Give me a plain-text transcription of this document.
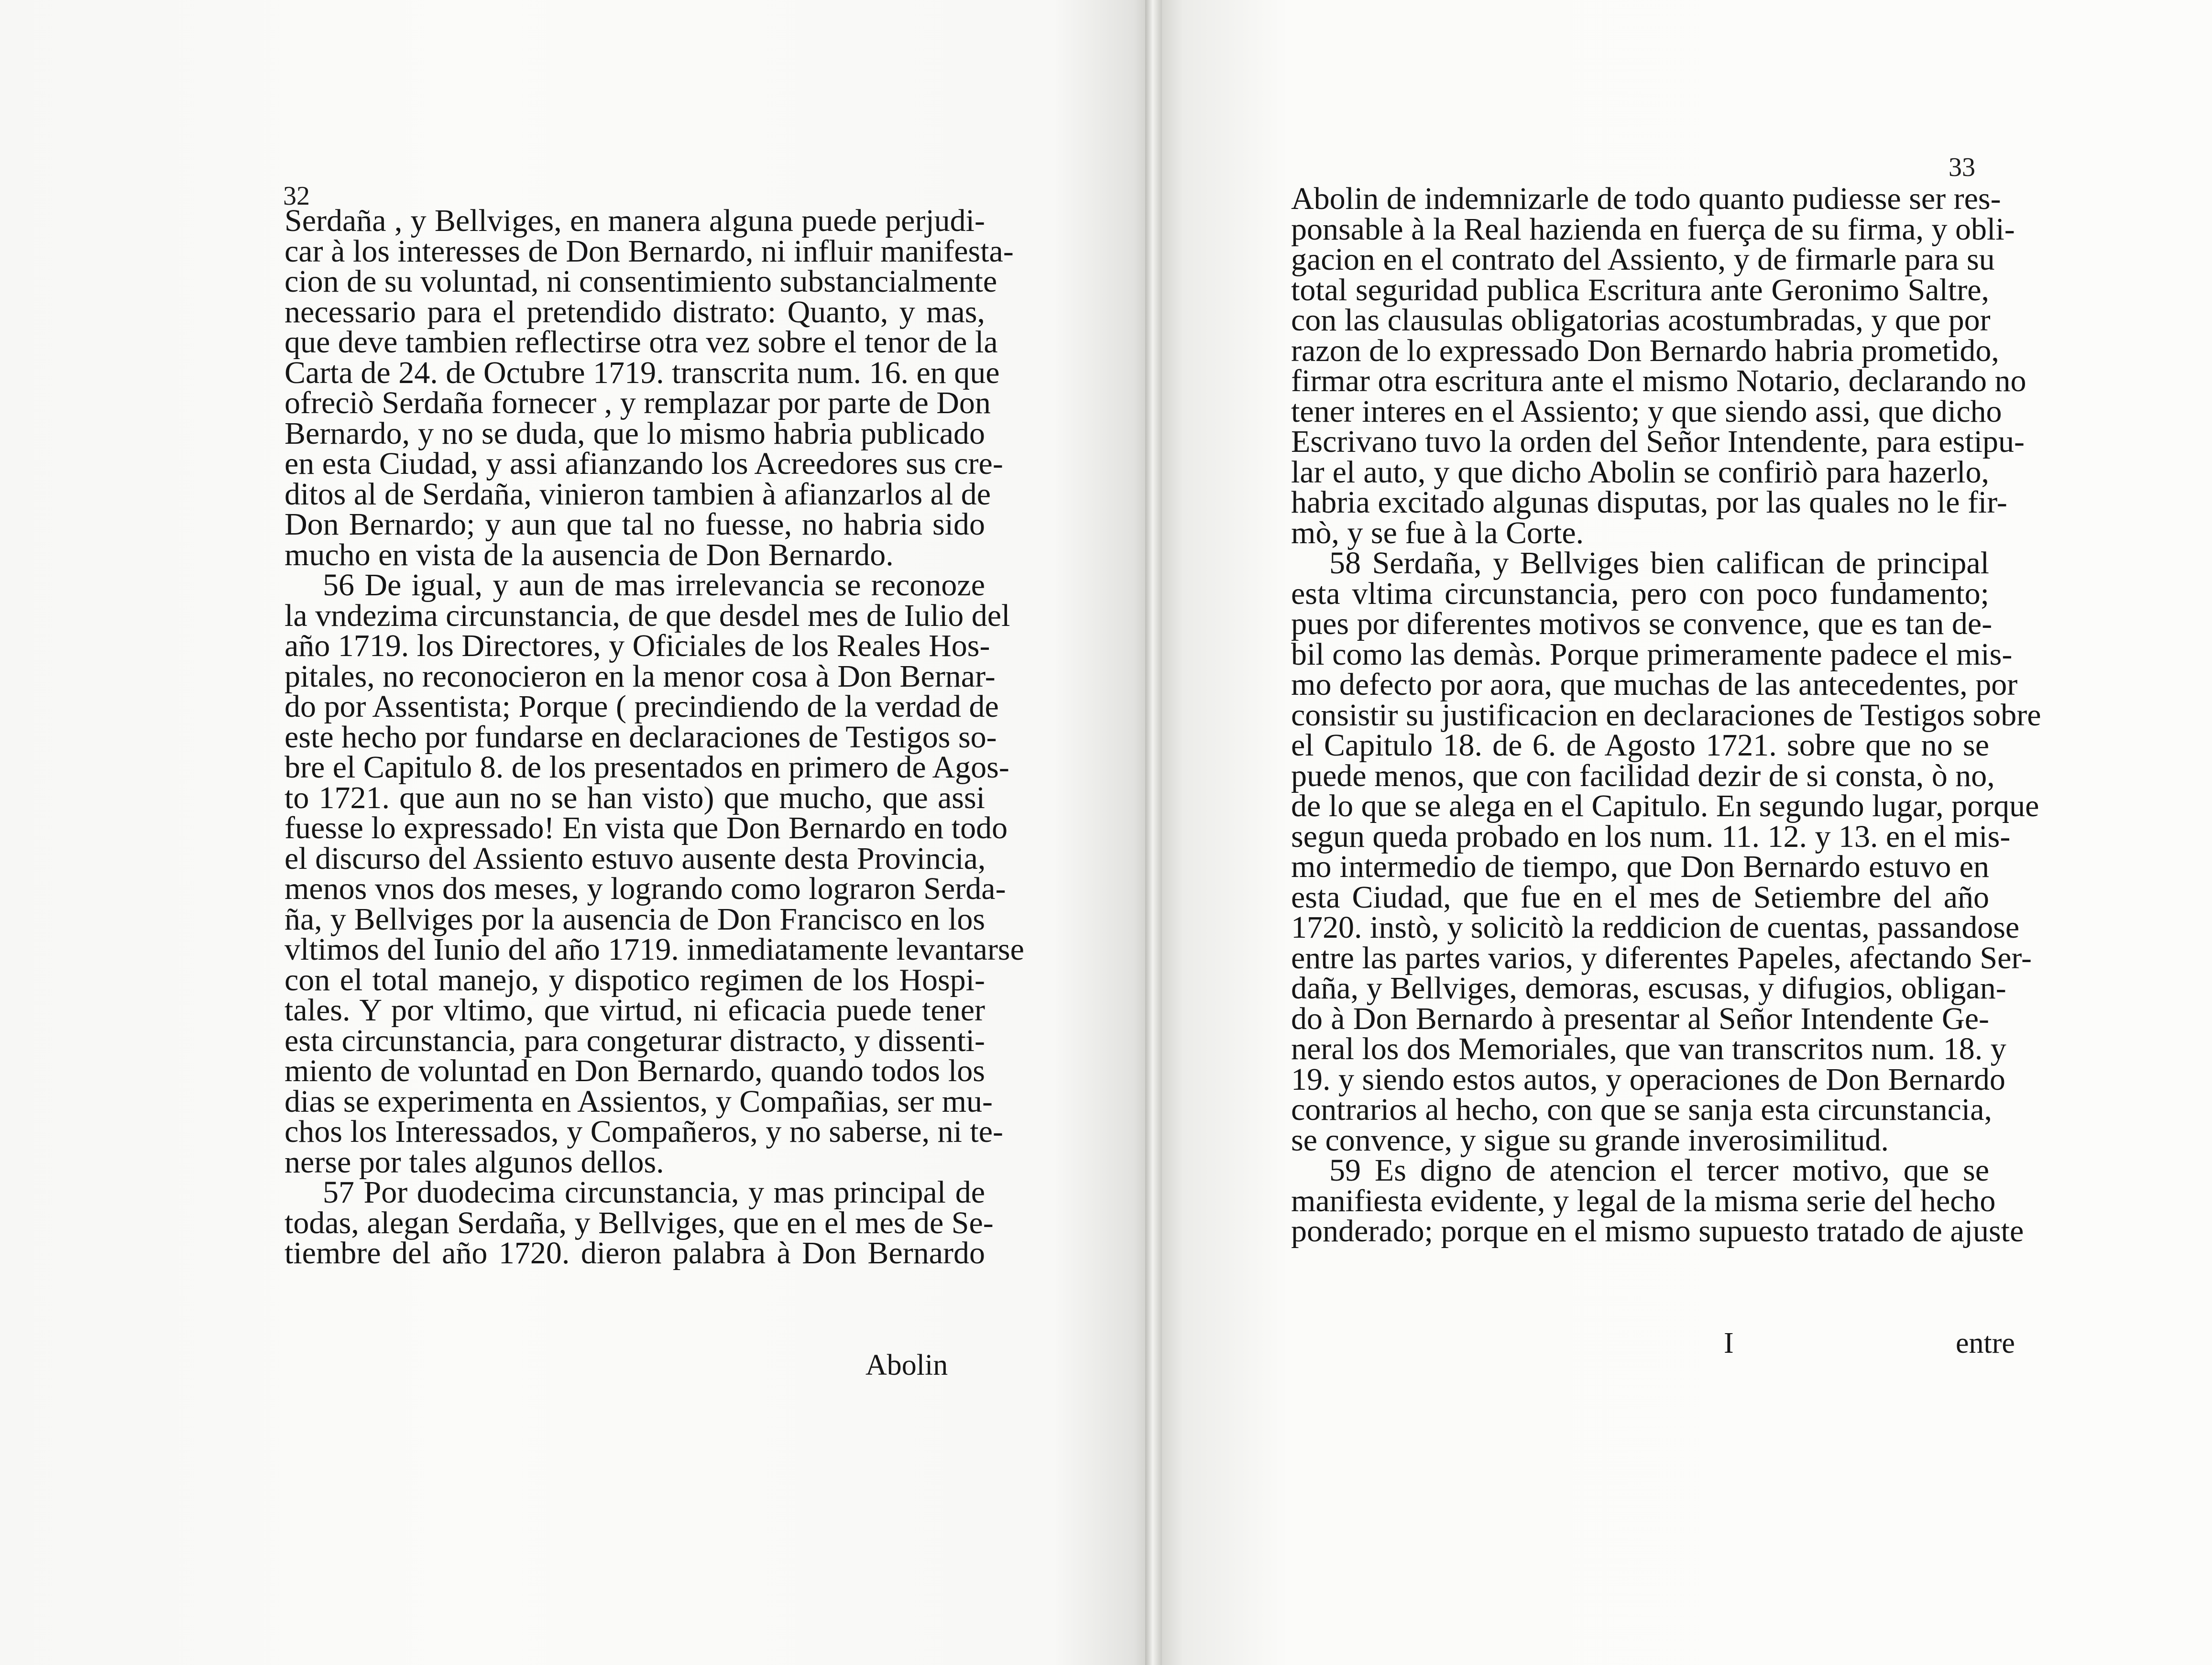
32
Serdaña , y Bellviges, en manera alguna puede perjudi-
car à los interesses de Don Bernardo, ni influir manifesta-
cion de su voluntad, ni consentimiento substancialmente
necessario para el pretendido distrato: Quanto, y mas,
que deve tambien reflectirse otra vez sobre el tenor de la
Carta de 24. de Octubre 1719. transcrita num. 16. en que
ofreciò Serdaña fornecer , y remplazar por parte de Don
Bernardo, y no se duda, que lo mismo habria publicado
en esta Ciudad, y assi afianzando los Acreedores sus cre-
ditos al de Serdaña, vinieron tambien à afianzarlos al de
Don Bernardo; y aun que tal no fuesse, no habria sido
mucho en vista de la ausencia de Don Bernardo.
56 De igual, y aun de mas irrelevancia se reconoze
la vndezima circunstancia, de que desdel mes de Iulio del
año 1719. los Directores, y Oficiales de los Reales Hos-
pitales, no reconocieron en la menor cosa à Don Bernar-
do por Assentista; Porque ( precindiendo de la verdad de
este hecho por fundarse en declaraciones de Testigos so-
bre el Capitulo 8. de los presentados en primero de Agos-
to 1721. que aun no se han visto) que mucho, que assi
fuesse lo expressado! En vista que Don Bernardo en todo
el discurso del Assiento estuvo ausente desta Provincia,
menos vnos dos meses, y logrando como lograron Serda-
ña, y Bellviges por la ausencia de Don Francisco en los
vltimos del Iunio del año 1719. inmediatamente levantarse
con el total manejo, y dispotico regimen de los Hospi-
tales. Y por vltimo, que virtud, ni eficacia puede tener
esta circunstancia, para congeturar distracto, y dissenti-
miento de voluntad en Don Bernardo, quando todos los
dias se experimenta en Assientos, y Compañias, ser mu-
chos los Interessados, y Compañeros, y no saberse, ni te-
nerse por tales algunos dellos.
57 Por duodecima circunstancia, y mas principal de
todas, alegan Serdaña, y Bellviges, que en el mes de Se-
tiembre del año 1720. dieron palabra à Don Bernardo
Abolin
33
I	entre
Abolin de indemnizarle de todo quanto pudiesse ser res-
ponsable à la Real hazienda en fuerça de su firma, y obli-
gacion en el contrato del Assiento, y de firmarle para su
total seguridad publica Escritura ante Geronimo Saltre,
con las clausulas obligatorias acostumbradas, y que por
razon de lo expressado Don Bernardo habria prometido,
firmar otra escritura ante el mismo Notario, declarando no
tener interes en el Assiento; y que siendo assi, que dicho
Escrivano tuvo la orden del Señor Intendente, para estipu-
lar el auto, y que dicho Abolin se confiriò para hazerlo,
habria excitado algunas disputas, por las quales no le fir-
mò, y se fue à la Corte.
58 Serdaña, y Bellviges bien califican de principal
esta vltima circunstancia, pero con poco fundamento;
pues por diferentes motivos se convence, que es tan de-
bil como las demàs. Porque primeramente padece el mis-
mo defecto por aora, que muchas de las antecedentes, por
consistir su justificacion en declaraciones de Testigos sobre
el Capitulo 18. de 6. de Agosto 1721. sobre que no se
puede menos, que con facilidad dezir de si consta, ò no,
de lo que se alega en el Capitulo. En segundo lugar, porque
segun queda probado en los num. 11. 12. y 13. en el mis-
mo intermedio de tiempo, que Don Bernardo estuvo en
esta Ciudad, que fue en el mes de Setiembre del año
1720. instò, y solicitò la reddicion de cuentas, passandose
entre las partes varios, y diferentes Papeles, afectando Ser-
daña, y Bellviges, demoras, escusas, y difugios, obligan-
do à Don Bernardo à presentar al Señor Intendente Ge-
neral los dos Memoriales, que van transcritos num. 18. y
19. y siendo estos autos, y operaciones de Don Bernardo
contrarios al hecho, con que se sanja esta circunstancia,
se convence, y sigue su grande inverosimilitud.
59 Es digno de atencion el tercer motivo, que se
manifiesta evidente, y legal de la misma serie del hecho
ponderado; porque en el mismo supuesto tratado de ajuste
